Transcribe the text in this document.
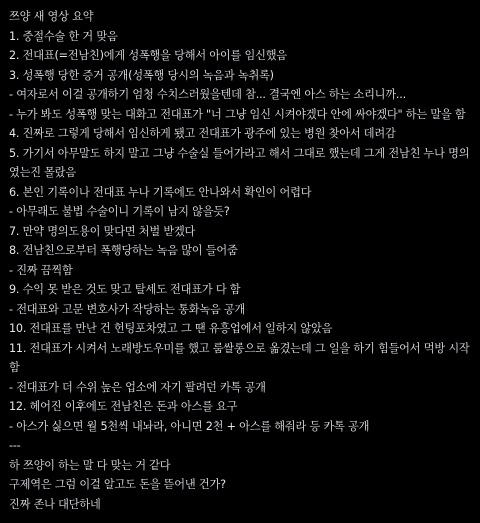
쯔양 새 영상 요약
1. 중절수술 한 거 맞음
2. 전대표(=전남친)에게 성폭행을 당해서 아이를 임신했음
3. 성폭행 당한 증거 공개(성폭행 당시의 녹음과 녹취록)
- 여자로서 이걸 공개하기 엄청 수치스러웠을텐데 참... 결국엔 아스 하는 소리니까...
- 누가 봐도 성폭행 맞는 대화고 전대표가 "너 그냥 임신 시켜야겠다 안에 싸야겠다" 하는 말을 함
4. 진짜로 그렇게 당해서 임신하게 됐고 전대표가 광주에 있는 병원 찾아서 데려감
5. 가기서 아무말도 하지 말고 그냥 수술실 들어가라고 해서 그대로 했는데 그게 전남친 누나 명의였는진 몰랐음
6. 본인 기록이나 전대표 누나 기록에도 안나와서 확인이 어렵다
- 아무래도 불법 수술이니 기록이 남지 않을듯?
7. 만약 명의도용이 맞다면 처벌 받겠다
8. 전남친으로부터 폭행당하는 녹음 많이 들어줌
- 진짜 끔찍함
9. 수익 못 받은 것도 맞고 탈세도 전대표가 다 함
- 전대표와 고문 변호사가 작당하는 통화녹음 공개
10. 전대표를 만난 건 헌팅포차였고 그 땐 유흥업에서 일하지 않았음
11. 전대표가 시켜서 노래방도우미를 했고 룸쌀롱으로 옮겼는데 그 일을 하기 힘들어서 먹방 시작함
- 전대표가 더 수위 높은 업소에 자기 팔려던 카톡 공개
12. 헤어진 이후에도 전남친은 돈과 아스를 요구
- 아스가 싫으면 월 5천씩 내놔라, 아니면 2천 + 아스를 해줘라 등 카톡 공개
---
하 쯔양이 하는 말 다 맞는 거 같다
구제역은 그럼 이걸 알고도 돈을 뜯어낸 건가?
진짜 존나 대단하네
